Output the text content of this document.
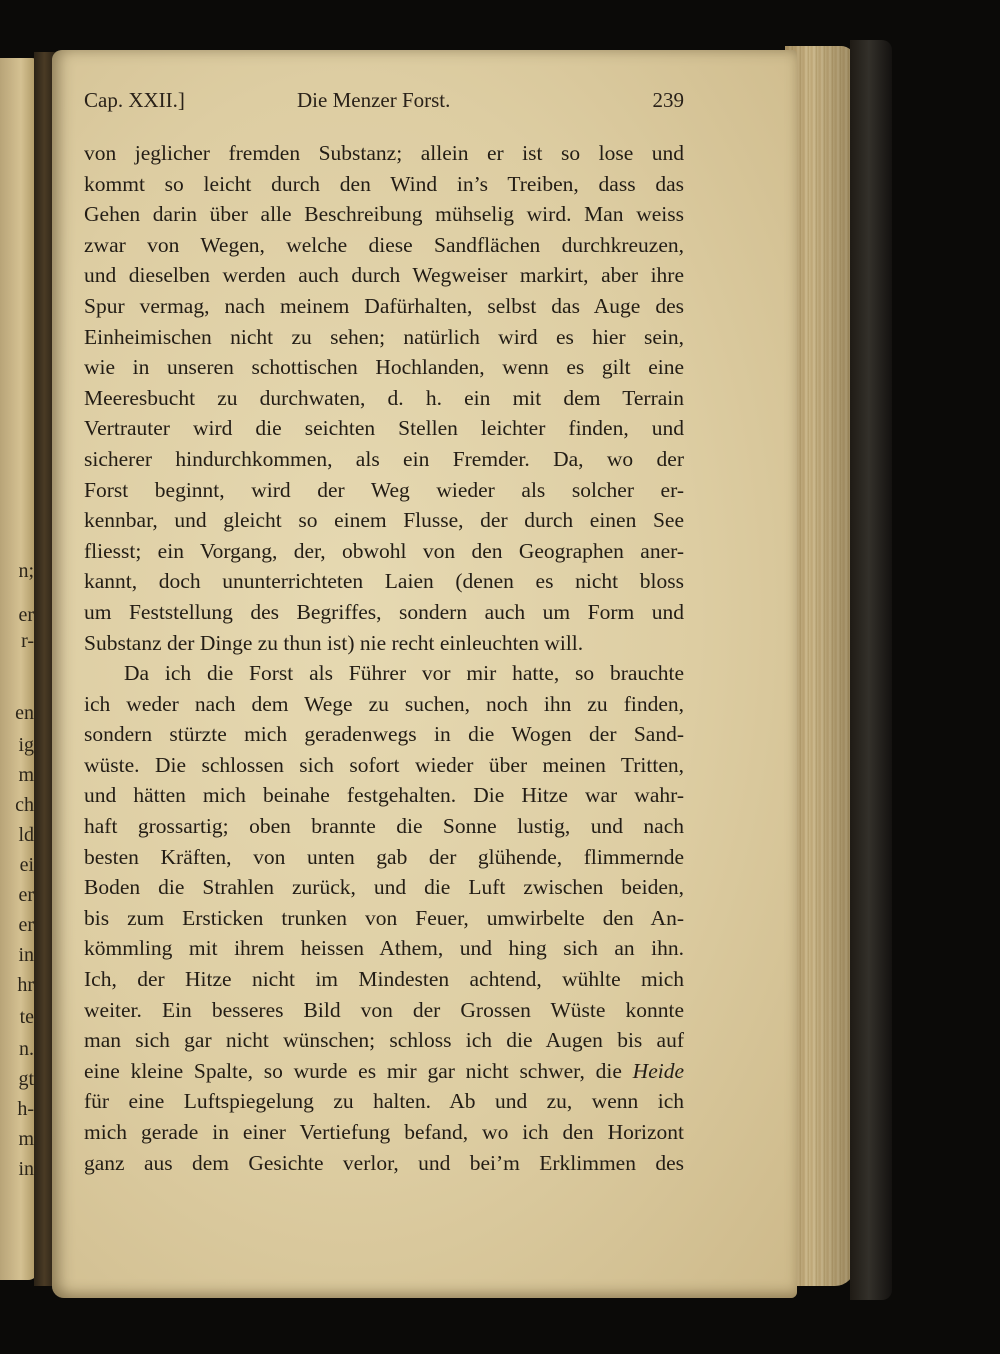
n;
er
r-
en
ig
m
ch
ld
ei
er
er
in
hr
te
n.
gt
h-
m
in
Cap. XXII.]	Die Menzer Forst.	239
von jeglicher fremden Substanz; allein er ist so lose und
kommt so leicht durch den Wind in’s Treiben, dass das
Gehen darin über alle Beschreibung mühselig wird. Man weiss
zwar von Wegen, welche diese Sandflächen durchkreuzen,
und dieselben werden auch durch Wegweiser markirt, aber ihre
Spur vermag, nach meinem Dafürhalten, selbst das Auge des
Einheimischen nicht zu sehen; natürlich wird es hier sein,
wie in unseren schottischen Hochlanden, wenn es gilt eine
Meeresbucht zu durchwaten, d. h. ein mit dem Terrain
Vertrauter wird die seichten Stellen leichter finden, und
sicherer hindurchkommen, als ein Fremder. Da, wo der
Forst beginnt, wird der Weg wieder als solcher er-
kennbar, und gleicht so einem Flusse, der durch einen See
fliesst; ein Vorgang, der, obwohl von den Geographen aner-
kannt, doch ununterrichteten Laien (denen es nicht bloss
um Feststellung des Begriffes, sondern auch um Form und
Substanz der Dinge zu thun ist) nie recht einleuchten will.
Da ich die Forst als Führer vor mir hatte, so brauchte
ich weder nach dem Wege zu suchen, noch ihn zu finden,
sondern stürzte mich geradenwegs in die Wogen der Sand-
wüste. Die schlossen sich sofort wieder über meinen Tritten,
und hätten mich beinahe festgehalten. Die Hitze war wahr-
haft grossartig; oben brannte die Sonne lustig, und nach
besten Kräften, von unten gab der glühende, flimmernde
Boden die Strahlen zurück, und die Luft zwischen beiden,
bis zum Ersticken trunken von Feuer, umwirbelte den An-
kömmling mit ihrem heissen Athem, und hing sich an ihn.
Ich, der Hitze nicht im Mindesten achtend, wühlte mich
weiter. Ein besseres Bild von der Grossen Wüste konnte
man sich gar nicht wünschen; schloss ich die Augen bis auf
eine kleine Spalte, so wurde es mir gar nicht schwer, die Heide
für eine Luftspiegelung zu halten. Ab und zu, wenn ich
mich gerade in einer Vertiefung befand, wo ich den Horizont
ganz aus dem Gesichte verlor, und bei’m Erklimmen des
